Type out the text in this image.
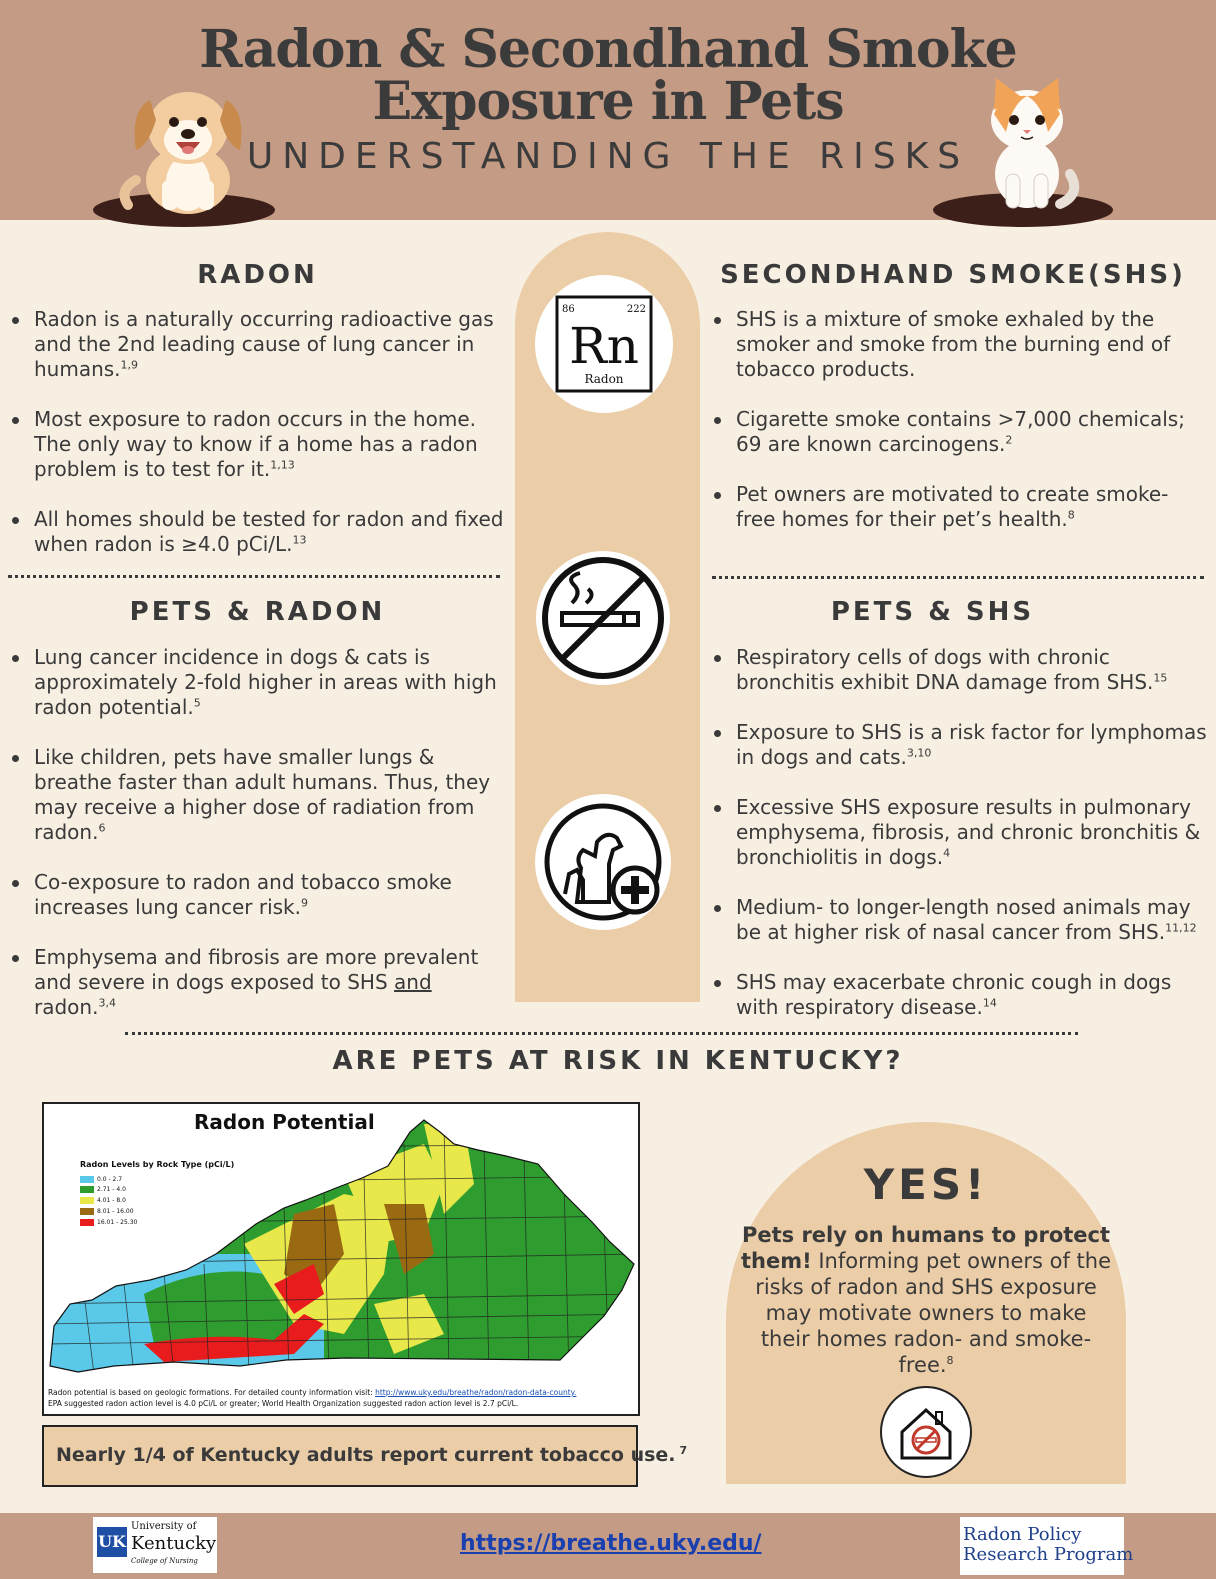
Radon & Secondhand Smoke
Exposure in Pets
UNDERSTANDING THE RISKS
86	222
Rn
Radon
RADON
Radon is a naturally occurring radioactive gas and the 2nd leading cause of lung cancer in humans.$^{1,9}$
Most exposure to radon occurs in the home. The only way to know if a home has a radon problem is to test for it.$^{1,13}$
All homes should be tested for radon and fixed when radon is ≥4.0 pCi/L.$^{13}$
SECONDHAND SMOKE(SHS)
SHS is a mixture of smoke exhaled by the smoker and smoke from the burning end of tobacco products.
Cigarette smoke contains >7,000 chemicals; 69 are known carcinogens.$^2$
Pet owners are motivated to create smoke-free homes for their pet’s health.$^8$
PETS & RADON
Lung cancer incidence in dogs & cats is approximately 2-fold higher in areas with high radon potential.$^5$
Like children, pets have smaller lungs & breathe faster than adult humans. Thus, they may receive a higher dose of radiation from radon.$^6$
Co-exposure to radon and tobacco smoke increases lung cancer risk.$^9$
Emphysema and fibrosis are more prevalent and severe in dogs exposed to SHS and radon.$^{3,4}$
PETS & SHS
Respiratory cells of dogs with chronic bronchitis exhibit DNA damage from SHS.$^{15}$
Exposure to SHS is a risk factor for lymphomas in dogs and cats.$^{3,10}$
Excessive SHS exposure results in pulmonary emphysema, fibrosis, and chronic bronchitis & bronchiolitis in dogs.$^4$
Medium- to longer-length nosed animals may be at higher risk of nasal cancer from SHS.$^{11,12}$
SHS may exacerbate chronic cough in dogs with respiratory disease.$^{14}$
ARE PETS AT RISK IN KENTUCKY?
Radon Potential
Radon Levels by Rock Type (pCi/L)
0.0 - 2.7
2.71 - 4.0
4.01 - 8.0
8.01 - 16.00
16.01 - 25.30
Radon potential is based on geologic formations. For detailed county information visit: http://www.uky.edu/breathe/radon/radon-data-county.
EPA suggested radon action level is 4.0 pCi/L or greater; World Health Organization suggested radon action level is 2.7 pCi/L.
Nearly 1/4 of Kentucky adults report current tobacco use. $^7$
YES!
Pets rely on humans to protect them! Informing pet owners of the risks of radon and SHS exposure may motivate owners to make their homes radon- and smoke-free.$^8$
UK
University of
Kentucky
College of Nursing
https://breathe.uky.edu/	Radon Policy
Research Program
